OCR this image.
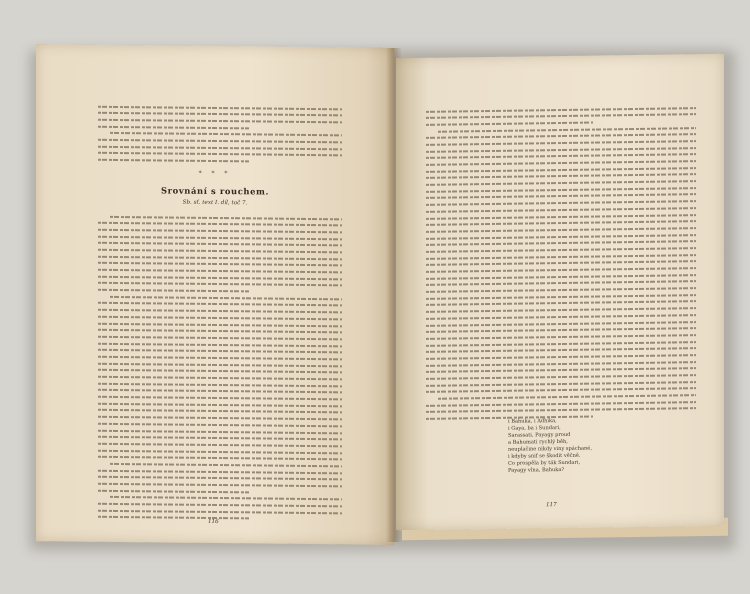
* * *
Srovnání s rouchem.
Sb. sť. text I. díl, toč 7.
116
i Bahuka, i Adhika,
i Gaya, ba i Sundari,
Sarassati, Payagy proud
a Bahumati rychlý běh,
neuplačine nikdy viny spáchané,
i kdyby snif se škodit věčně.
Co prospěla by ták Sundari,
Payagy vlna, Bahuka?
117
